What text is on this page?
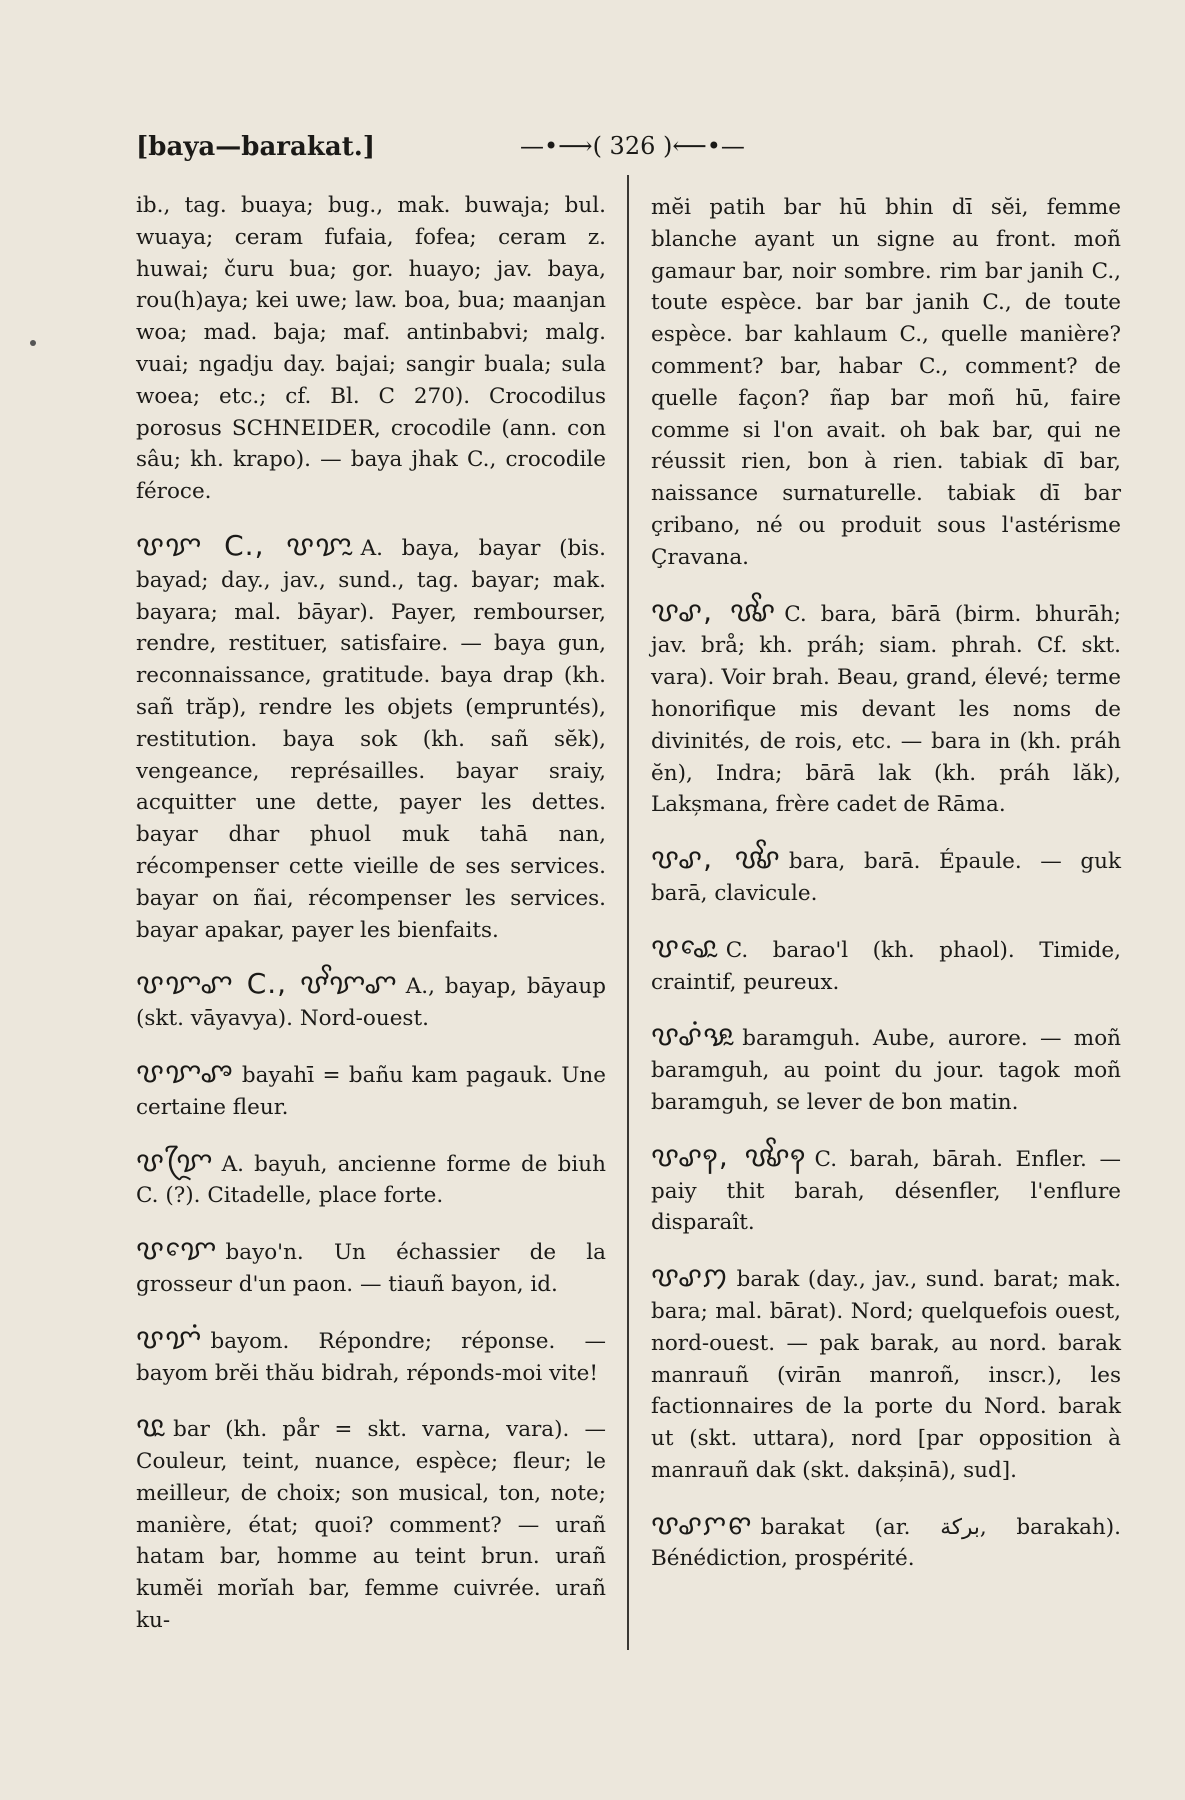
[baya—barakat.]	—•⟶( 326 )⟵•—

ib., tag. buaya; bug., mak. buwaja; bul. wuaya; ceram fufaia, fofea; ceram z. huwai; čuru bua; gor. huayo; jav. baya, rou(h)aya; kei uwe; law. boa, bua; maanjan woa; mad. baja; maf. antinbabvi; malg. vuai; ngadju day. bajai; sangir buala; sula woea; etc.; cf. Bl. C 270). Crocodilus porosus SCHNEIDER, crocodile (ann. con sâu; kh. krapo). — baya jhak C., crocodile féroce.

ꨝꨢ C., ꨝꨢꨭ A. baya, bayar (bis. bayad; day., jav., sund., tag. bayar; mak. bayara; mal. bāyar). Payer, rembourser, rendre, restituer, satisfaire. — baya gun, reconnaissance, gratitude. baya drap (kh. sañ trăp), rendre les objets (empruntés), restitution. baya sok (kh. sañ sĕk), vengeance, représailles. bayar sraiy, acquitter une dette, payer les dettes. bayar dhar phuol muk tahā nan, récompenser cette vieille de ses services. bayar on ñai, récompenser les services. bayar apakar, payer les bienfaits.

ꨝꨢꨚ C., ꨝꨩꨢꨚ A., bayap, bāyaup (skt. vāyavya). Nord-ouest.

ꨝꨢꨨ bayahī = bañu kam pagauk. Une certaine fleur.

ꨝꨢꨴ A. bayuh, ancienne forme de biuh C. (?). Citadelle, place forte.

ꨝꨢꨯ bayo'n. Un échassier de la grosseur d'un paon. — tiauñ bayon, id.

ꨝꨢꩌ bayom. Répondre; réponse. — bayom brĕi thău bidrah, réponds-moi vite!

ꨝꨭ bar (kh. pår = skt. varna, vara). — Couleur, teint, nuance, espèce; fleur; le meilleur, de choix; son musical, ton, note; manière, état; quoi? comment? — urañ hatam bar, homme au teint brun. urañ kumĕi morĭah bar, femme cuivrée. urañ ku-

mĕi patih bar hū bhin dī sĕi, femme blanche ayant un signe au front. moñ gamaur bar, noir sombre. rim bar janih C., toute espèce. bar bar janih C., de toute espèce. bar kahlaum C., quelle manière? comment? bar, habar C., comment? de quelle façon? ñap bar moñ hū, faire comme si l'on avait. oh bak bar, qui ne réussit rien, bon à rien. tabiak dī bar, naissance surnaturelle. tabiak dī bar çribano, né ou produit sous l'astérisme Çravana.

ꨝꨣ, ꨝꨩꨣ C. bara, bārā (birm. bhurāh; jav. brå; kh. práh; siam. phrah. Cf. skt. vara). Voir brah. Beau, grand, élevé; terme honorifique mis devant les noms de divinités, de rois, etc. — bara in (kh. práh ĕn), Indra; bārā lak (kh. práh lăk), Lakșmana, frère cadet de Rāma.

ꨝꨣ, ꨝꨩꨣ bara, barā. Épaule. — guk barā, clavicule.

ꨝꨣꨯꨭ C. barao'l (kh. phaol). Timide, craintif, peureux.

ꨝꨣꩌꨊꨭ baramguh. Aube, aurore. — moñ baramguh, au point du jour. tagok moñ baramguh, se lever de bon matin.

ꨝꨣꩍ, ꨝꨩꨣꩍ C. barah, bārah. Enfler. — paiy thit barah, désenfler, l'enflure disparaît.

ꨝꨣꩀ barak (day., jav., sund. barat; mak. bara; mal. bārat). Nord; quelquefois ouest, nord-ouest. — pak barak, au nord. barak manrauñ (virān manroñ, inscr.), les factionnaires de la porte du Nord. barak ut (skt. uttara), nord [par opposition à manrauñ dak (skt. dakșinā), sud].

ꨝꨣꨆꨓ barakat (ar. بركة, barakah). Bénédiction, prospérité.
